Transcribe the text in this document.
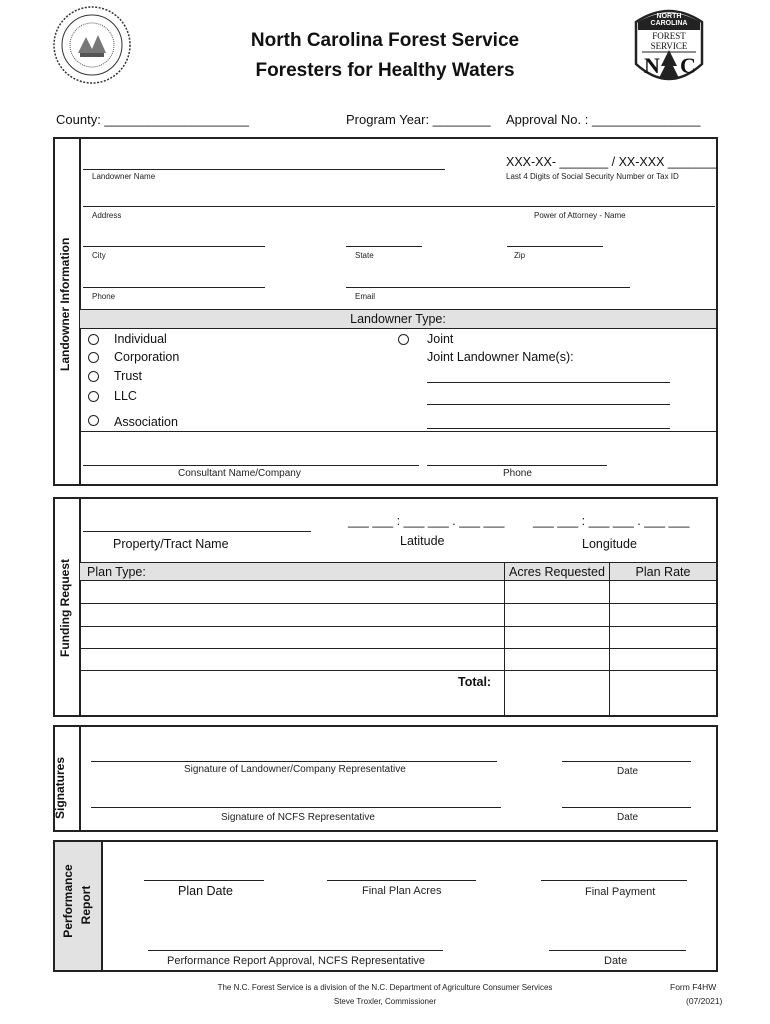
NORTH CAROLINA
FOREST SERVICE
N C
North Carolina Forest Service
Foresters for Healthy Waters
County: ____________________	Program Year: ________ Approval No. : _______________
Landowner Information
XXX-XX- _______ / XX-XXX _______
Landowner Name	Last 4 Digits of Social Security Number or Tax ID
Address	Power of Attorney - Name
City	State	Zip
Phone	Email
Landowner Type:
Individual
Corporation
Trust
LLC
Association
Joint
Joint Landowner Name(s):
Consultant Name/Company	Phone
Funding Request
Property/Tract Name
___ ___ : ___ ___ . ___ ___
Latitude
___ ___ : ___ ___ . ___ ___
Longitude
Plan Type:	Acres Requested	Plan Rate
Total:
Signatures	Signature of Landowner/Company Representative	Date
Signature of NCFS Representative	Date
Performance Report	Plan Date	Final Plan Acres	Final Payment
Performance Report Approval, NCFS Representative	Date
The N.C. Forest Service is a division of the N.C. Department of Agriculture Consumer Services
Steve Troxler, Commissioner
Form F4HW
(07/2021)
